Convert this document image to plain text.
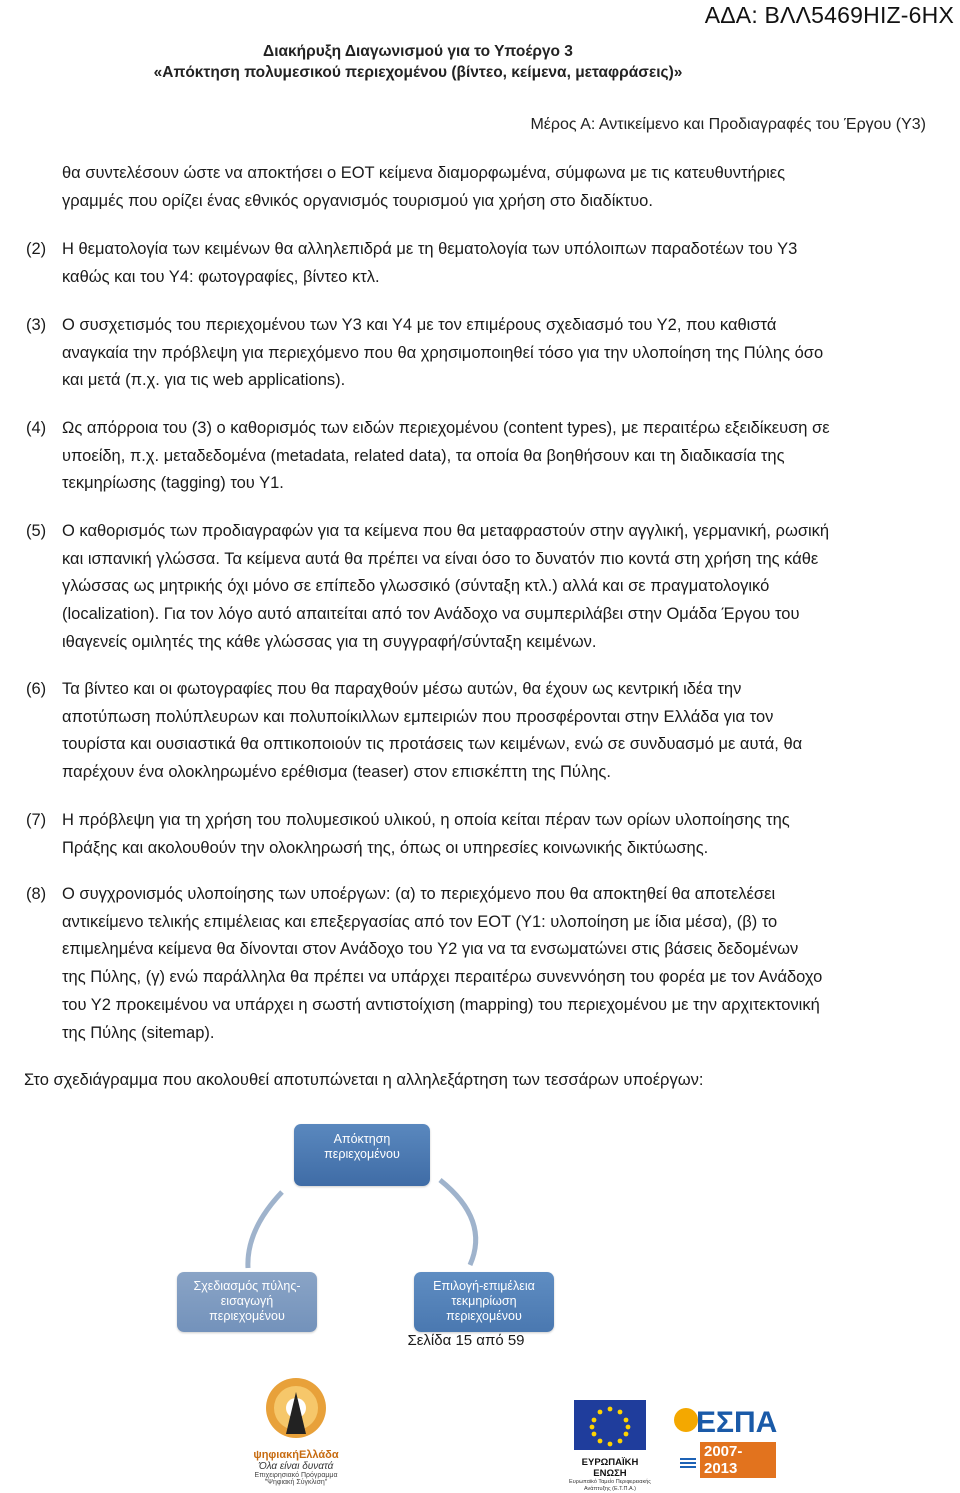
ΑΔΑ: ΒΛΛ5469ΗΙΖ-6ΗΧ
Διακήρυξη Διαγωνισμού για το Υποέργο 3
«Απόκτηση πολυμεσικού περιεχομένου (βίντεο, κείμενα, μεταφράσεις)»
Μέρος Α: Αντικείμενο και Προδιαγραφές του Έργου (Υ3)
θα συντελέσουν ώστε να αποκτήσει ο ΕΟΤ κείμενα διαμορφωμένα, σύμφωνα με τις κατευθυντήριες
γραμμές που ορίζει ένας εθνικός οργανισμός τουρισμού για χρήση στο διαδίκτυο.
(2) Η θεματολογία των κειμένων θα αλληλεπιδρά με τη θεματολογία των υπόλοιπων παραδοτέων του Υ3
καθώς και του Υ4: φωτογραφίες, βίντεο κτλ.
(3) Ο συσχετισμός του περιεχομένου των Υ3 και Υ4 με τον επιμέρους σχεδιασμό του Υ2, που καθιστά
αναγκαία την πρόβλεψη για περιεχόμενο που θα χρησιμοποιηθεί τόσο για την υλοποίηση της Πύλης όσο
και μετά (π.χ. για τις web applications).
(4) Ως απόρροια του (3) ο καθορισμός των ειδών περιεχομένου (content types), με περαιτέρω εξειδίκευση σε
υποείδη, π.χ. μεταδεδομένα (metadata, related data), τα οποία θα βοηθήσουν και τη διαδικασία της
τεκμηρίωσης (tagging) του Υ1.
(5) Ο καθορισμός των προδιαγραφών για τα κείμενα που θα μεταφραστούν στην αγγλική, γερμανική, ρωσική
και ισπανική γλώσσα. Τα κείμενα αυτά θα πρέπει να είναι όσο το δυνατόν πιο κοντά στη χρήση της κάθε
γλώσσας ως μητρικής όχι μόνο σε επίπεδο γλωσσικό (σύνταξη κτλ.) αλλά και σε πραγματολογικό
(localization). Για τον λόγο αυτό απαιτείται από τον Ανάδοχο να συμπεριλάβει στην Ομάδα Έργου του
ιθαγενείς ομιλητές της κάθε γλώσσας για τη συγγραφή/σύνταξη κειμένων.
(6) Τα βίντεο και οι φωτογραφίες που θα παραχθούν μέσω αυτών, θα έχουν ως κεντρική ιδέα την
αποτύπωση πολύπλευρων και πολυποίκιλλων εμπειριών που προσφέρονται στην Ελλάδα για τον
τουρίστα και ουσιαστικά θα οπτικοποιούν τις προτάσεις των κειμένων, ενώ σε συνδυασμό με αυτά, θα
παρέχουν ένα ολοκληρωμένο ερέθισμα (teaser) στον επισκέπτη της Πύλης.
(7) Η πρόβλεψη για τη χρήση του πολυμεσικού υλικού, η οποία κείται πέραν των ορίων υλοποίησης της
Πράξης και ακολουθούν την ολοκληρωσή της, όπως οι υπηρεσίες κοινωνικής δικτύωσης.
(8) Ο συγχρονισμός υλοποίησης των υποέργων: (α) το περιεχόμενο που θα αποκτηθεί θα αποτελέσει
αντικείμενο τελικής επιμέλειας και επεξεργασίας από τον ΕΟΤ (Υ1: υλοποίηση με ίδια μέσα), (β) το
επιμελημένα κείμενα θα δίνονται στον Ανάδοχο του Υ2 για να τα ενσωματώνει στις βάσεις δεδομένων
της Πύλης, (γ) ενώ παράλληλα θα πρέπει να υπάρχει περαιτέρω συνεννόηση του φορέα με τον Ανάδοχο
του Υ2 προκειμένου να υπάρχει η σωστή αντιστοίχιση (mapping) του περιεχομένου με την αρχιτεκτονική
της Πύλης (sitemap).
Στο σχεδιάγραμμα που ακολουθεί αποτυπώνεται η αλληλεξάρτηση των τεσσάρων υποέργων:
Απόκτηση
περιεχομένου
Σχεδιασμός πύλης-
εισαγωγή
περιεχομένου
Επιλογή-επιμέλεια
τεκμηρίωση
περιεχομένου
Σελίδα 15 από 59
ψηφιακήΕλλάδα
Όλα είναι δυνατά
Επιχειρησιακό Πρόγραμμα
"Ψηφιακή Σύγκλιση"
ΕΥΡΩΠΑΪΚΗ ΕΝΩΣΗ
Ευρωπαϊκό Ταμείο Περιφερειακής Ανάπτυξης (Ε.Τ.Π.Α.)
ΕΣΠΑ
2007-2013
